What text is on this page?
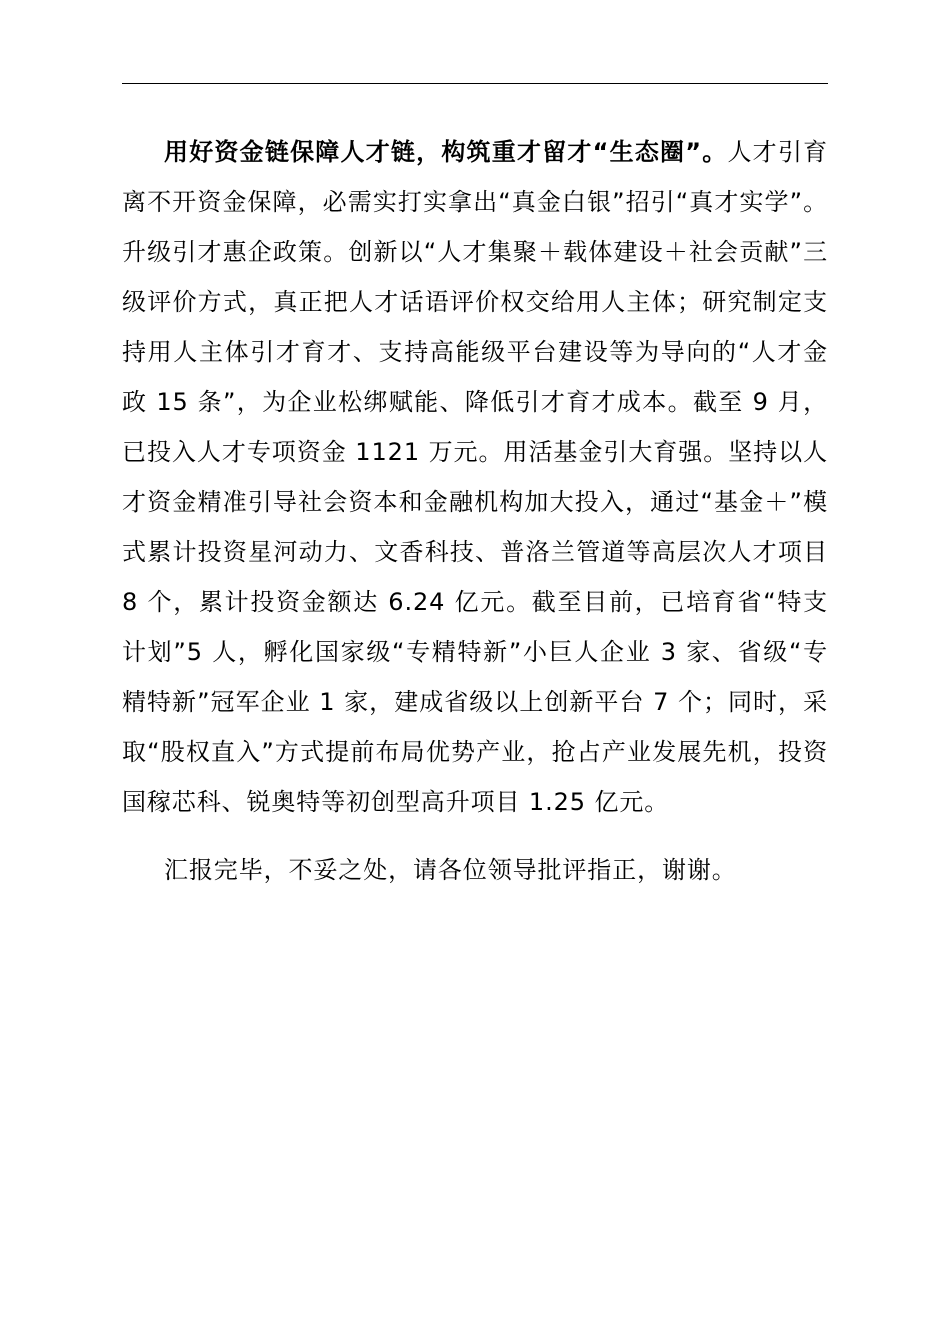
用好资金链保障人才链，构筑重才留才“生态圈”。人才引育离不开资金保障，必需实打实拿出“真金白银”招引“真才实学”。升级引才惠企政策。创新以“人才集聚＋载体建设＋社会贡献”三级评价方式，真正把人才话语评价权交给用人主体；研究制定支持用人主体引才育才、支持高能级平台建设等为导向的“人才金政 15 条”，为企业松绑赋能、降低引才育才成本。截至 9 月，已投入人才专项资金 1121 万元。用活基金引大育强。坚持以人才资金精准引导社会资本和金融机构加大投入，通过“基金＋”模式累计投资星河动力、文香科技、普洛兰管道等高层次人才项目 8 个，累计投资金额达 6.24 亿元。截至目前，已培育省“特支计划”5 人，孵化国家级“专精特新”小巨人企业 3 家、省级“专精特新”冠军企业 1 家，建成省级以上创新平台 7 个；同时，采取“股权直入”方式提前布局优势产业，抢占产业发展先机，投资国稼芯科、锐奥特等初创型高升项目 1.25 亿元。

汇报完毕，不妥之处，请各位领导批评指正，谢谢。
